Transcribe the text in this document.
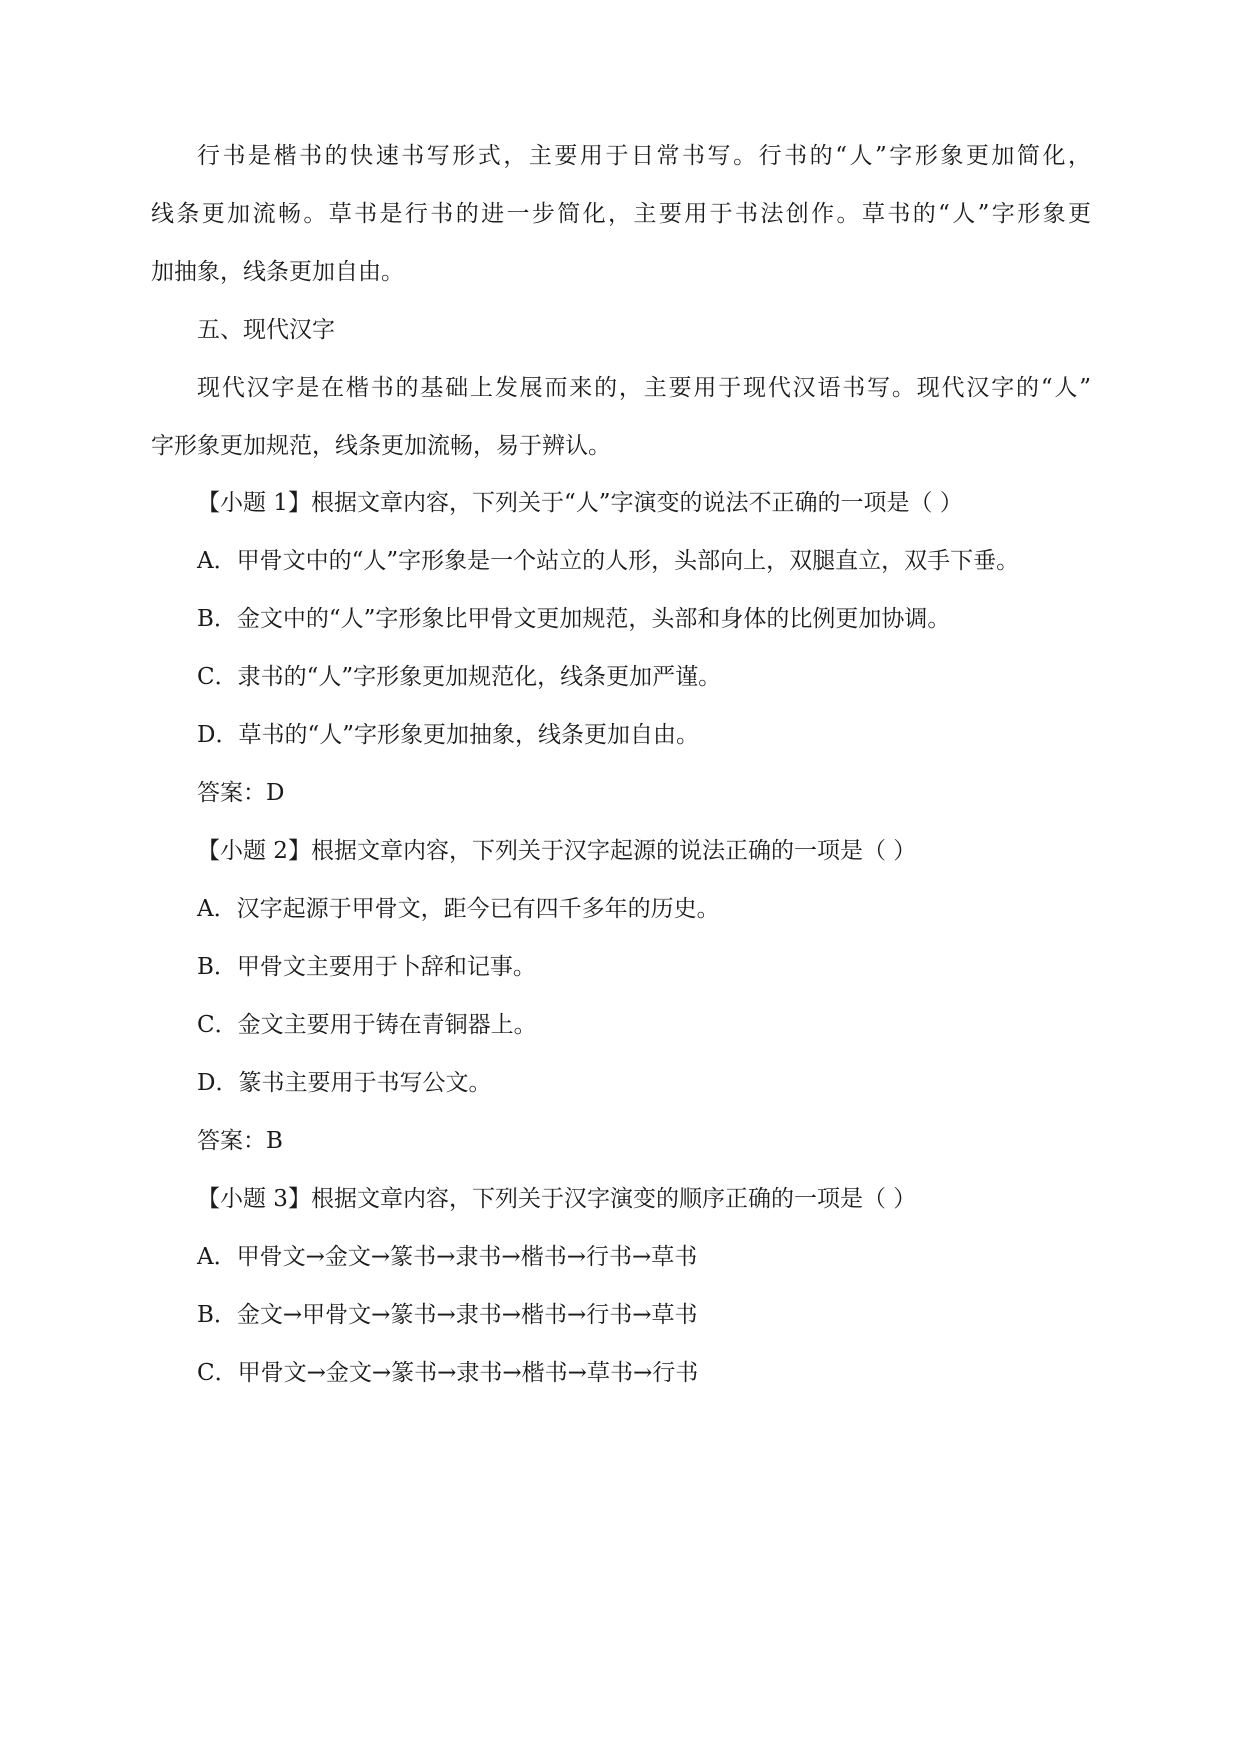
行书是楷书的快速书写形式，主要用于日常书写。行书的“人”字形象更加简化，
线条更加流畅。草书是行书的进一步简化，主要用于书法创作。草书的“人”字形象更
加抽象，线条更加自由。
五、现代汉字
现代汉字是在楷书的基础上发展而来的，主要用于现代汉语书写。现代汉字的“人”
字形象更加规范，线条更加流畅，易于辨认。
【小题 1】根据文章内容，下列关于“人”字演变的说法不正确的一项是（ ）
A．甲骨文中的“人”字形象是一个站立的人形，头部向上，双腿直立，双手下垂。
B．金文中的“人”字形象比甲骨文更加规范，头部和身体的比例更加协调。
C．隶书的“人”字形象更加规范化，线条更加严谨。
D．草书的“人”字形象更加抽象，线条更加自由。
答案：D
【小题 2】根据文章内容，下列关于汉字起源的说法正确的一项是（ ）
A．汉字起源于甲骨文，距今已有四千多年的历史。
B．甲骨文主要用于卜辞和记事。
C．金文主要用于铸在青铜器上。
D．篆书主要用于书写公文。
答案：B
【小题 3】根据文章内容，下列关于汉字演变的顺序正确的一项是（ ）
A．甲骨文→金文→篆书→隶书→楷书→行书→草书
B．金文→甲骨文→篆书→隶书→楷书→行书→草书
C．甲骨文→金文→篆书→隶书→楷书→草书→行书
